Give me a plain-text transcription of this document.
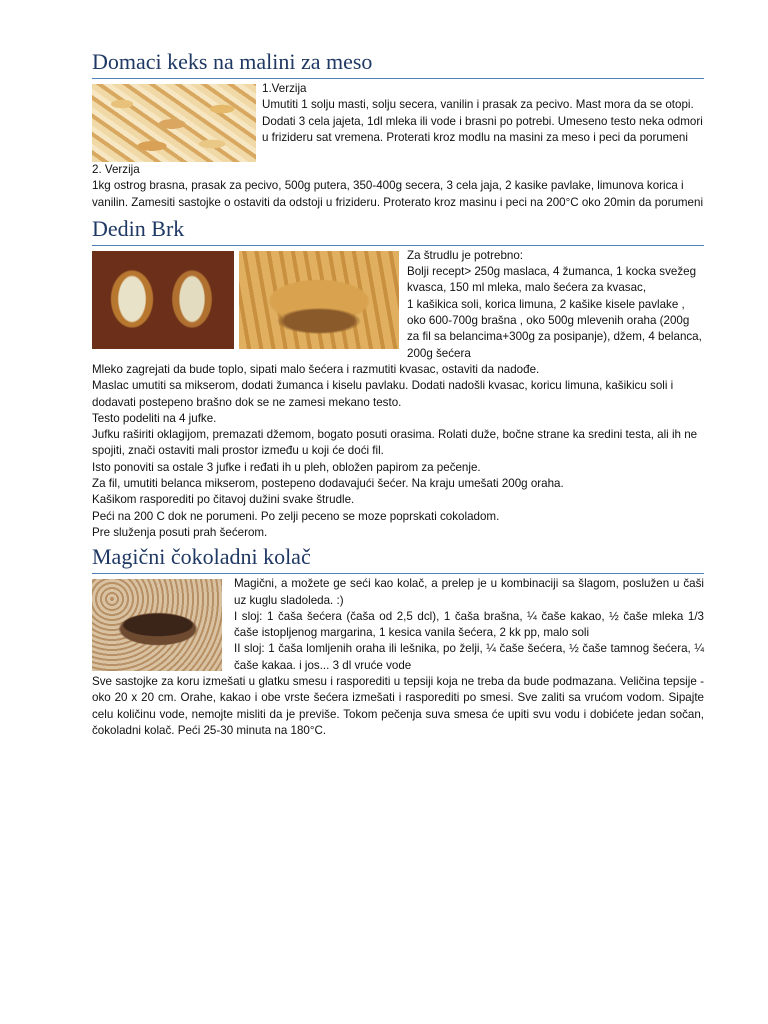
Domaci keks na malini za meso

1.Verzija

Umutiti 1 solju masti, solju secera, vanilin i prasak za pecivo. Mast mora da se otopi. Dodati 3 cela jajeta, 1dl mleka ili vode i brasni po potrebi. Umeseno testo neka odmori u frizideru sat vremena. Proterati kroz modlu na masini za meso i peci da porumeni

2. Verzija

1kg ostrog brasna, prasak za pecivo, 500g putera, 350-400g secera, 3 cela jaja, 2 kasike pavlake, limunova korica i vanilin. Zamesiti sastojke o ostaviti da odstoji u frizideru. Proterato kroz masinu i peci na 200°C oko 20min da porumeni

Dedin Brk

Za štrudlu je potrebno:

Bolji recept> 250g maslaca, 4 žumanca, 1 kocka svežeg kvasca, 150 ml mleka, malo šećera za kvasac,

1 kašikica soli, korica limuna, 2 kašike kisele pavlake , oko 600-700g brašna , oko 500g mlevenih oraha (200g za fil sa belancima+300g za posipanje), džem, 4 belanca, 200g šećera

Mleko zagrejati da bude toplo, sipati malo šećera i razmutiti kvasac, ostaviti da nadođe.

Maslac umutiti sa mikserom, dodati žumanca i kiselu pavlaku. Dodati nadošli kvasac, koricu limuna, kašikicu soli i dodavati postepeno brašno dok se ne zamesi mekano testo.

Testo podeliti na 4 jufke.

Jufku raširiti oklagijom, premazati džemom, bogato posuti orasima. Rolati duže, bočne strane ka sredini testa, ali ih ne spojiti, znači ostaviti mali prostor između u koji će doći fil.

Isto ponoviti sa ostale 3 jufke i ređati ih u pleh, obložen papirom za pečenje.

Za fil, umutiti belanca mikserom, postepeno dodavajući šećer. Na kraju umešati 200g oraha.

Kašikom rasporediti po čitavoj dužini svake štrudle.

Peći na 200 C dok ne porumeni. Po zelji peceno se moze poprskati cokoladom.

Pre služenja posuti prah šećerom.

Magični čokoladni kolač

Magični, a možete ge seći kao kolač, a prelep je u kombinaciji sa šlagom, poslužen u čaši uz kuglu sladoleda. :)

I sloj: 1 čaša šećera (čaša od 2,5 dcl), 1 čaša brašna, ¼ čaše kakao, ½ čaše mleka 1/3 čaše istopljenog margarina, 1 kesica vanila šećera, 2 kk pp, malo soli

II sloj: 1 čaša lomljenih oraha ili lešnika, po želji, ¼ čaše šećera, ½ čaše tamnog šećera, ¼ čaše kakaa. i jos... 3 dl vruće vode

Sve sastojke za koru izmešati u glatku smesu i rasporediti u tepsiji koja ne treba da bude podmazana. Veličina tepsije - oko 20 x 20 cm. Orahe, kakao i obe vrste šećera izmešati i rasporediti po smesi. Sve zaliti sa vrućom vodom. Sipajte celu količinu vode, nemojte misliti da je previše. Tokom pečenja suva smesa će upiti svu vodu i dobićete jedan sočan, čokoladni kolač. Peći 25-30 minuta na 180°C.
